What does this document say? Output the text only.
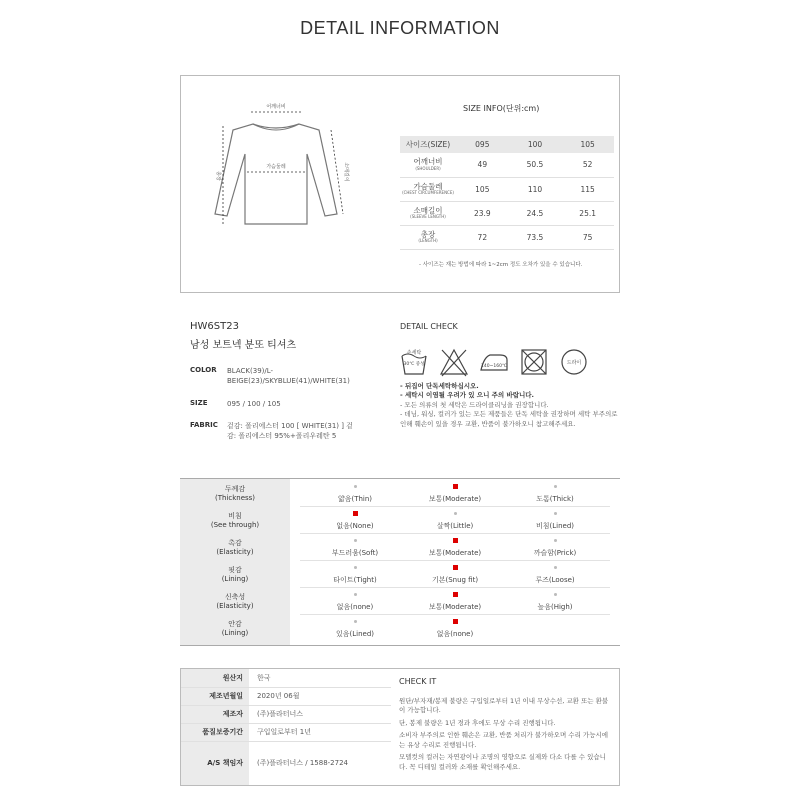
DETAIL INFORMATION
어깨너비
가슴둘레
총장	소매길이
SIZE INFO(단위:cm)
사이즈(SIZE)	095	100	105
어깨너비
(SHOULDER)	49	50.5	52
가슴둘레
(CHEST CIRCUMFERENCE)	105	110	115
소매길이
(SLEEVE LENGTH)	23.9	24.5	25.1
총장
(LENGTH)	72	73.5	75
- 사이즈는 재는 방법에 따라 1~2cm 정도 오차가 있을 수 있습니다.
HW6ST23
남성 보트넥 분또 티셔츠
COLOR	BLACK(39)/L-BEIGE(23)/SKYBLUE(41)/WHITE(31)
SIZE	095 / 100 / 105
FABRIC	겉감: 폴리에스터 100 [ WHITE(31) ] 겉감: 폴리에스터 95%+폴리우레탄 5
DETAIL CHECK
손세탁
30℃ 중성	140~160℃
드라이
- 뒤집어 단독세탁하십시오.
- 세탁시 이염될 우려가 있 으니 주의 바랍니다.
- 모든 의류의 첫 세탁은 드라이클리닝을 권장합니다.
- 데님, 워싱, 컬러가 있는 모든 제품들은 단독 세탁을 권장하며 세탁 부주의로 인해 훼손이 있을 경우 교환, 반품이 불가하오니 참고해주세요.
두께감
(Thickness)	얇음(Thin)	보통(Moderate)	도톰(Thick)
비침
(See through)	없음(None)	살짝(Little)	비침(Lined)
촉감
(Elasticity)	부드러움(Soft)	보통(Moderate)	까슬함(Prick)
핏감
(Lining)	타이트(Tight)	기본(Snug fit)	루즈(Loose)
신축성
(Elasticity)	없음(none)	보통(Moderate)	높음(High)
안감
(Lining)	있음(Lined)	없음(none)
원산지	한국
제조년월일	2020년 06월
제조자	(주)플라터너스
품질보증기간	구입일로부터 1년
A/S 책임자	(주)플라터너스 / 1588-2724
CHECK IT

원단/부자재/봉제 불량은 구입일로부터 1년 이내 무상수선, 교환 또는 환불이 가능합니다.

단, 봉제 불량은 1년 경과 후에도 무상 수리 진행됩니다.

소비자 부주의로 인한 훼손은 교환, 반품 처리가 불가하오며 수리 가능시에는 유상 수리로 진행됩니다.

모델컷의 컬러는 자연광이나 조명의 영향으로 실제와 다소 다를 수 있습니다. 꼭 디테일 컬러와 소재를 확인해주세요.
